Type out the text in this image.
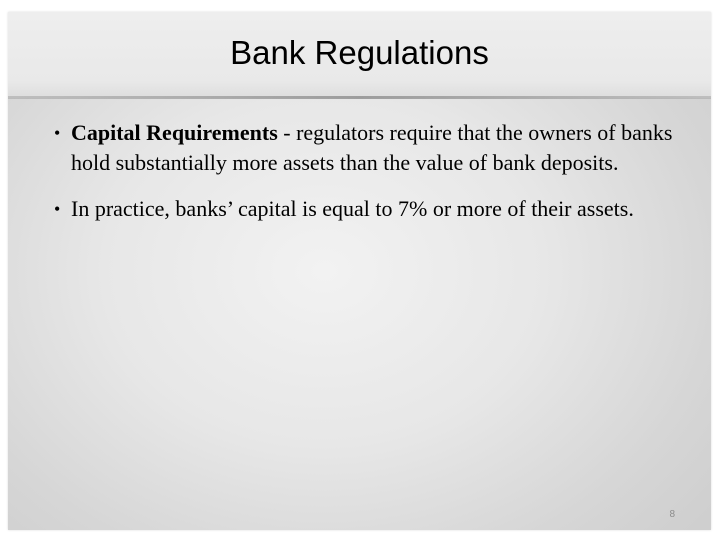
Bank Regulations
• Capital Requirements - regulators require that the owners of banks hold substantially more assets than the value of bank deposits.
• In practice, banks’ capital is equal to 7% or more of their assets.
8
